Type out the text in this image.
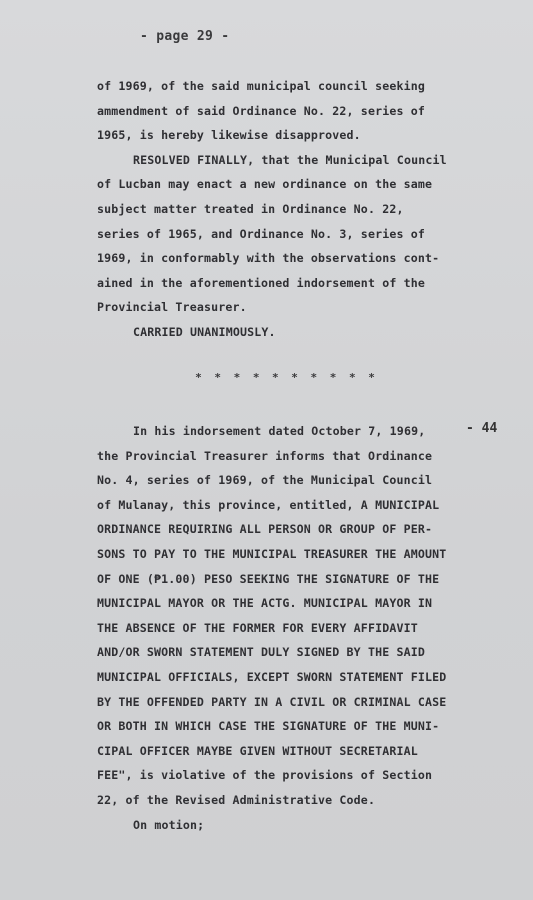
- page 29 -
of 1969, of the said municipal council seeking
ammendment of said Ordinance No. 22, series of
1965, is hereby likewise disapproved.
RESOLVED FINALLY, that the Municipal Council
of Lucban may enact a new ordinance on the same
subject matter treated in Ordinance No. 22,
series of 1965, and Ordinance No. 3, series of
1969, in conformably with the observations cont-
ained in the aforementioned indorsement of the
Provincial Treasurer.
CARRIED UNANIMOUSLY.
* * * * * * * * * *
- 44
In his indorsement dated October 7, 1969,
the Provincial Treasurer informs that Ordinance
No. 4, series of 1969, of the Municipal Council
of Mulanay, this province, entitled, A MUNICIPAL
ORDINANCE REQUIRING ALL PERSON OR GROUP OF PER-
SONS TO PAY TO THE MUNICIPAL TREASURER THE AMOUNT
OF ONE (₱1.00) PESO SEEKING THE SIGNATURE OF THE
MUNICIPAL MAYOR OR THE ACTG. MUNICIPAL MAYOR IN
THE ABSENCE OF THE FORMER FOR EVERY AFFIDAVIT
AND/OR SWORN STATEMENT DULY SIGNED BY THE SAID
MUNICIPAL OFFICIALS, EXCEPT SWORN STATEMENT FILED
BY THE OFFENDED PARTY IN A CIVIL OR CRIMINAL CASE
OR BOTH IN WHICH CASE THE SIGNATURE OF THE MUNI-
CIPAL OFFICER MAYBE GIVEN WITHOUT SECRETARIAL
FEE", is violative of the provisions of Section
22, of the Revised Administrative Code.
On motion;
